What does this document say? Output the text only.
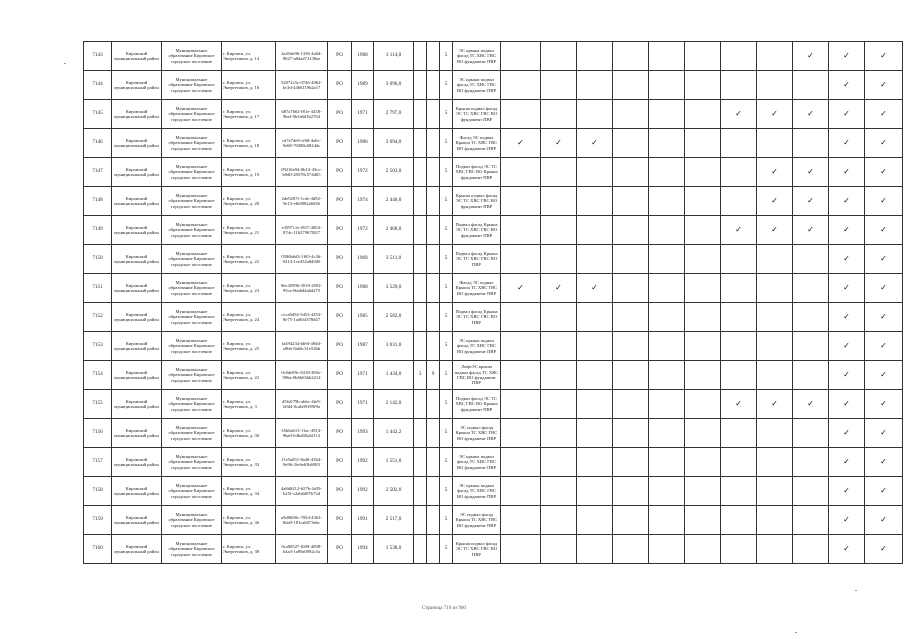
7143	Кировский муниципальный район	Муниципальное образование Кировское городское поселение	г. Кировск, ул. Энергетиков, д. 14	4a45de96-1336-4a0d-8627-a8dad72138ae	РО	1988	3 114,0			5	ЭС крыша подвал фасад ТС ХВС ГВС ВО фундамент ПВР									✓	✓	✓
7144	Кировский муниципальный район	Муниципальное образование Кировское городское поселение	г. Кировск, ул. Энергетиков, д. 16	52072c5c-0746-4062-bc3d-4466119b2a17	РО	1989	3 096,0			5	ЭС крыша подвал фасад ТС ХВС ГВС ВО фундамент ПВР										✓	✓
7145	Кировский муниципальный район	Муниципальное образование Кировское городское поселение	г. Кировск, ул. Энергетиков, д. 17	b87a7602-f81e-4458-9bef-0b3a6d1b2764	РО	1971	2 797,0			5	Крыша подвал фасад ЭС ТС ХВС ГВС ВО фундамент ПВР							✓	✓	✓	✓	✓
7146	Кировский муниципальный район	Муниципальное образование Кировское городское поселение	г. Кировск, ул. Энергетиков, д. 18	cd7e7de9-cf68-4a0c-9e68-70488c6824dc	РО	1986	3 094,0			5	Фасад ЭС подвал Крыша ТС ХВС ГВС ВО фундамент ПВР	✓	✓	✓							✓	✓
7147	Кировский муниципальный район	Муниципальное образование Кировское городское поселение	г. Кировск, ул. Энергетиков, д. 19	09216e94-6b13-43cc-b9d0-28378c574d65	РО	1972	2 503,0			5	Подвал фасад ЭС ТС ХВС ГВС ВО Крыша фундамент ПВР								✓	✓	✓	✓
7148	Кировский муниципальный район	Муниципальное образование Кировское городское поселение	г. Кировск, ул. Энергетиков, д. 20	2de9287f-1c4e-4d92-9e13-efb9082a6036	РО	1974	2 446,0			5	Крыша подвал фасад ЭС ТС ХВС ГВС ВО фундамент ПВР								✓	✓	✓	✓
7149	Кировский муниципальный район	Муниципальное образование Кировское городское поселение	г. Кировск, ул. Энергетиков, д. 21	e3597c1e-f837-4004-87dc-1162796782f7	РО	1972	2 468,0			5	Подвал фасад Крыша ЭС ТС ХВС ГВС ВО фундамент ПВР							✓	✓	✓	✓	✓
7150	Кировский муниципальный район	Муниципальное образование Кировское городское поселение	г. Кировск, ул. Энергетиков, д. 22	0586b6d3-1f65-4c36-9214-1ce452a8d9d0	РО	1968	3 511,0			5	Подвал фасад Крыша ЭС ТС ХВС ГВС ВО ПВР										✓	✓
7151	Кировский муниципальный район	Муниципальное образование Кировское городское поселение	г. Кировск, ул. Энергетиков, д. 23	66c45996-3019-4592-95ca-6ba6d4a6d275	РО	1988	3 529,0			5	Фасад ЭС подвал Крыша ТС ХВС ГВС ВО фундамент ПВР	✓	✓	✓							✓	✓
7152	Кировский муниципальный район	Муниципальное образование Кировское городское поселение	г. Кировск, ул. Энергетиков, д. 24	ccca9d54-5d53-4453-8e75-1ad6f4378d47	РО	1985	2 582,0			5	Подвал фасад Крыша ЭС ТС ХВС ГВС ВО ПВР										✓	✓
7153	Кировский муниципальный район	Муниципальное образование Кировское городское поселение	г. Кировск, ул. Энергетиков, д. 25	fa494234-bb9f-49dd-a9bb-0ab6c31e52bb	РО	1987	3 031,0			5	ЭС крыша подвал фасад ТС ХВС ГВС ВО фундамент ПВР										✓	✓
7154	Кировский муниципальный район	Муниципальное образование Кировское городское поселение	г. Кировск, ул. Энергетиков, д. 22	0c0de89c-6318-493e-996a-0b6b63bb2214	РО	1971	1 434,0	3	9	5	ЛифтЭС крыша подвал фасад ТС ХВС ГВС ВО фундамент ПВР										✓	✓
7155	Кировский муниципальный район	Муниципальное образование Кировское городское поселение	г. Кировск, ул. Энергетиков, д. 3	d5b2f79b-abbc-4fe9-b0d4-0cab09189f9a	РО	1971	2 142,0			5	Подвал фасад ЭС ТС ХВС ГВС ВО Крыша фундамент ПВР							✓	✓	✓	✓	✓
7156	Кировский муниципальный район	Муниципальное образование Кировское городское поселение	г. Кировск, ул. Энергетиков, д. 30	35b6a613-11ac-4914-9ba0-64ba88a2d112	РО	1993	1 442,2			5	ЭС подвал фасад Крыша ТС ХВС ГВС ВО фундамент ПВР										✓	✓
7157	Кировский муниципальный район	Муниципальное образование Кировское городское поселение	г. Кировск, ул. Энергетиков, д. 33	11e5a831-8a48-43b4-8e96-2fe6e63b6983	РО	1992	1 551,0			5	ЭС крыша подвал фасад ТС ХВС ГВС ВО фундамент ПВР										✓	✓
7158	Кировский муниципальный район	Муниципальное образование Кировское городское поселение	г. Кировск, ул. Энергетиков, д. 34	4a8d6212-b57b-4a59-b25f-c2ab6d87672d	РО	1992	2 502,0			5	ЭС крыша подвал фасад ТС ХВС ГВС ВО фундамент ПВР										✓	✓
7159	Кировский муниципальный район	Муниципальное образование Кировское городское поселение	г. Кировск, ул. Энергетиков, д. 36	a9d0b08c-785d-43b3-8da9-181ca6073ebc	РО	1991	2 517,0			5	ЭС подвал фасад Крыша ТС ХВС ГВС ВО фундамент ПВР										✓	✓
7160	Кировский муниципальный район	Муниципальное образование Кировское городское поселение	г. Кировск, ул. Энергетиков, д. 38	0ca08327-fb98-4098-b4a3-1a89a0092c3a	РО	1994	1 538,0			5	Крыша подвал фасад ЭС ТС ХВС ГВС ВО ПВР										✓	✓
Страница 716 из 960
